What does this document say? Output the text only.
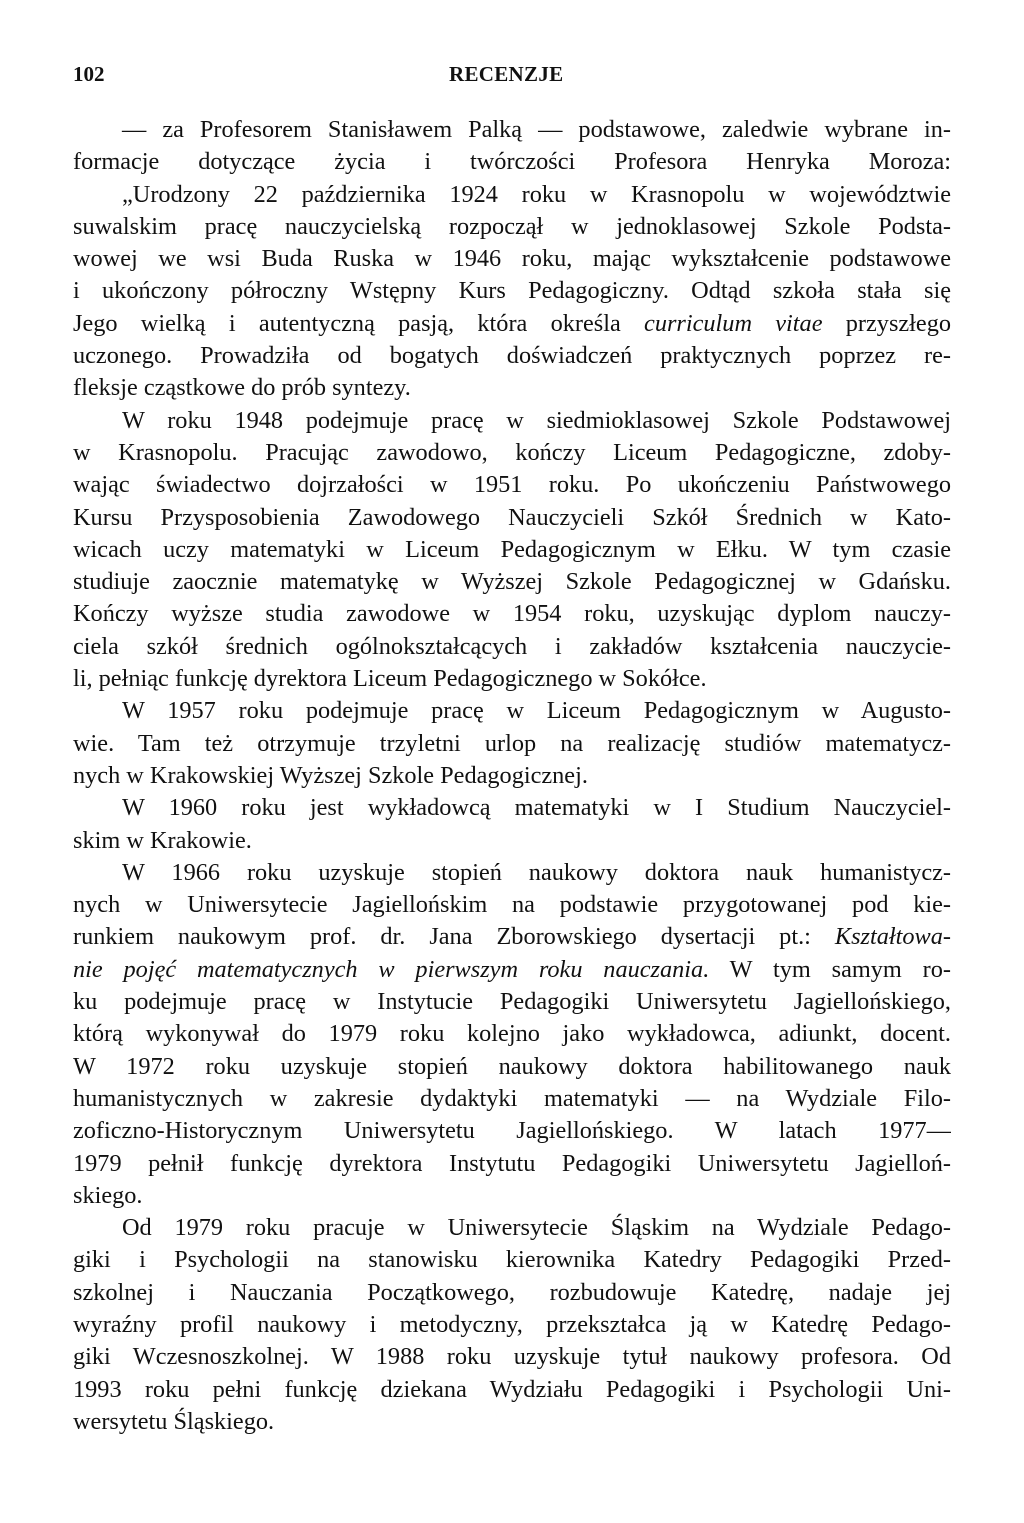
102	RECENZJE
— za Profesorem Stanisławem Palką — podstawowe, zaledwie wybrane in-
formacje dotyczące życia i twórczości Profesora Henryka Moroza:
„Urodzony 22 października 1924 roku w Krasnopolu w województwie
suwalskim pracę nauczycielską rozpoczął w jednoklasowej Szkole Podsta-
wowej we wsi Buda Ruska w 1946 roku, mając wykształcenie podstawowe
i ukończony półroczny Wstępny Kurs Pedagogiczny. Odtąd szkoła stała się
Jego wielką i autentyczną pasją, która określa curriculum vitae przyszłego
uczonego. Prowadziła od bogatych doświadczeń praktycznych poprzez re-
fleksje cząstkowe do prób syntezy.
W roku 1948 podejmuje pracę w siedmioklasowej Szkole Podstawowej
w Krasnopolu. Pracując zawodowo, kończy Liceum Pedagogiczne, zdoby-
wając świadectwo dojrzałości w 1951 roku. Po ukończeniu Państwowego
Kursu Przysposobienia Zawodowego Nauczycieli Szkół Średnich w Kato-
wicach uczy matematyki w Liceum Pedagogicznym w Ełku. W tym czasie
studiuje zaocznie matematykę w Wyższej Szkole Pedagogicznej w Gdańsku.
Kończy wyższe studia zawodowe w 1954 roku, uzyskując dyplom nauczy-
ciela szkół średnich ogólnokształcących i zakładów kształcenia nauczycie-
li, pełniąc funkcję dyrektora Liceum Pedagogicznego w Sokółce.
W 1957 roku podejmuje pracę w Liceum Pedagogicznym w Augusto-
wie. Tam też otrzymuje trzyletni urlop na realizację studiów matematycz-
nych w Krakowskiej Wyższej Szkole Pedagogicznej.
W 1960 roku jest wykładowcą matematyki w I Studium Nauczyciel-
skim w Krakowie.
W 1966 roku uzyskuje stopień naukowy doktora nauk humanistycz-
nych w Uniwersytecie Jagiellońskim na podstawie przygotowanej pod kie-
runkiem naukowym prof. dr. Jana Zborowskiego dysertacji pt.: Kształtowa-
nie pojęć matematycznych w pierwszym roku nauczania. W tym samym ro-
ku podejmuje pracę w Instytucie Pedagogiki Uniwersytetu Jagiellońskiego,
którą wykonywał do 1979 roku kolejno jako wykładowca, adiunkt, docent.
W 1972 roku uzyskuje stopień naukowy doktora habilitowanego nauk
humanistycznych w zakresie dydaktyki matematyki — na Wydziale Filo-
zoficzno-Historycznym Uniwersytetu Jagiellońskiego. W latach 1977—
1979 pełnił funkcję dyrektora Instytutu Pedagogiki Uniwersytetu Jagielloń-
skiego.
Od 1979 roku pracuje w Uniwersytecie Śląskim na Wydziale Pedago-
giki i Psychologii na stanowisku kierownika Katedry Pedagogiki Przed-
szkolnej i Nauczania Początkowego, rozbudowuje Katedrę, nadaje jej
wyraźny profil naukowy i metodyczny, przekształca ją w Katedrę Pedago-
giki Wczesnoszkolnej. W 1988 roku uzyskuje tytuł naukowy profesora. Od
1993 roku pełni funkcję dziekana Wydziału Pedagogiki i Psychologii Uni-
wersytetu Śląskiego.
